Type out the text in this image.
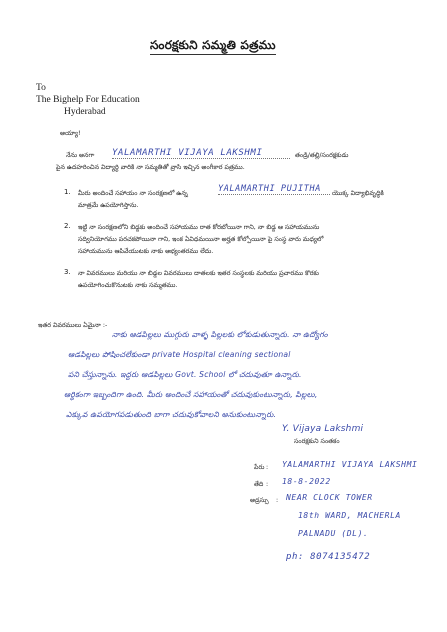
సంరక్షకుని సమ్మతి పత్రము
To
The Bighelp For Education
Hyderabad
అయ్యా!
నేను అనగా YALAMARTHI VIJAYA LAKSHMI	తండ్రి/తల్లి/సంరక్షకుడు
పైన ఉదహరించిన విద్యార్థి వారికి నా సమ్మతితో వ్రాసి ఇచ్చిన అంగీకార పత్రము.
1. మీరు అందించే సహాయం నా సంరక్షణలో ఉన్న	YALAMARTHI PUJITHA	యొక్క విద్యాభివృద్ధికి
మాత్రమే ఉపయోగిస్తాను.
2. ఇట్టి నా సంరక్షణలోని బిడ్డకు అందించే సహాయము రాత కోరబోయినా గాని, నా బిడ్డ ఆ సహాయమును
సద్వినియోగము పరచకపోయినా గాని, ఇంక ఏవిధమయినా అర్హత కోల్పోయినా పై సంస్థ వారు మధ్యలో
సహాయమును ఆపివేయుటకు నాకు అభ్యంతరము లేదు.
3. నా వివరములు మరియు నా బిడ్డల వివరములు దాతలకు ఇతర సంస్థలకు మరియు ప్రచారము కొరకు
ఉపయోగించుకొనుటకు నాకు సమ్మతము.
ఇతర వివరములు ఏమైనా :-
నాకు ఆడపిల్లలు ముగ్గురు వాళ్ళ పిల్లలకు లోకుడుతున్నారు. నా ఉద్యోగం
ఆడపిల్లలు పోషించలేకుండా private Hospital cleaning sectional
పని చేస్తున్నాను. ఇద్దరు ఆడపిల్లలు Govt. School లో చదువుతూ ఉన్నారు.
ఆర్థికంగా ఇబ్బందిగా ఉంది. మీరు అందించే సహాయంతో చదువుకుంటున్నారు, పిల్లలు,
ఎక్కువ ఉపయోగపడుతుంది బాగా చదువుకోవాలని అనుకుంటున్నారు.
Y. Vijaya Lakshmi
సంరక్షకుని సంతకం
పేరు : YALAMARTHI VIJAYA LAKSHMI
తేది : 18-8-2022
అడ్రస్సు : NEAR CLOCK TOWER
18th WARD, MACHERLA
PALNADU (DL).
ph: 8074135472
